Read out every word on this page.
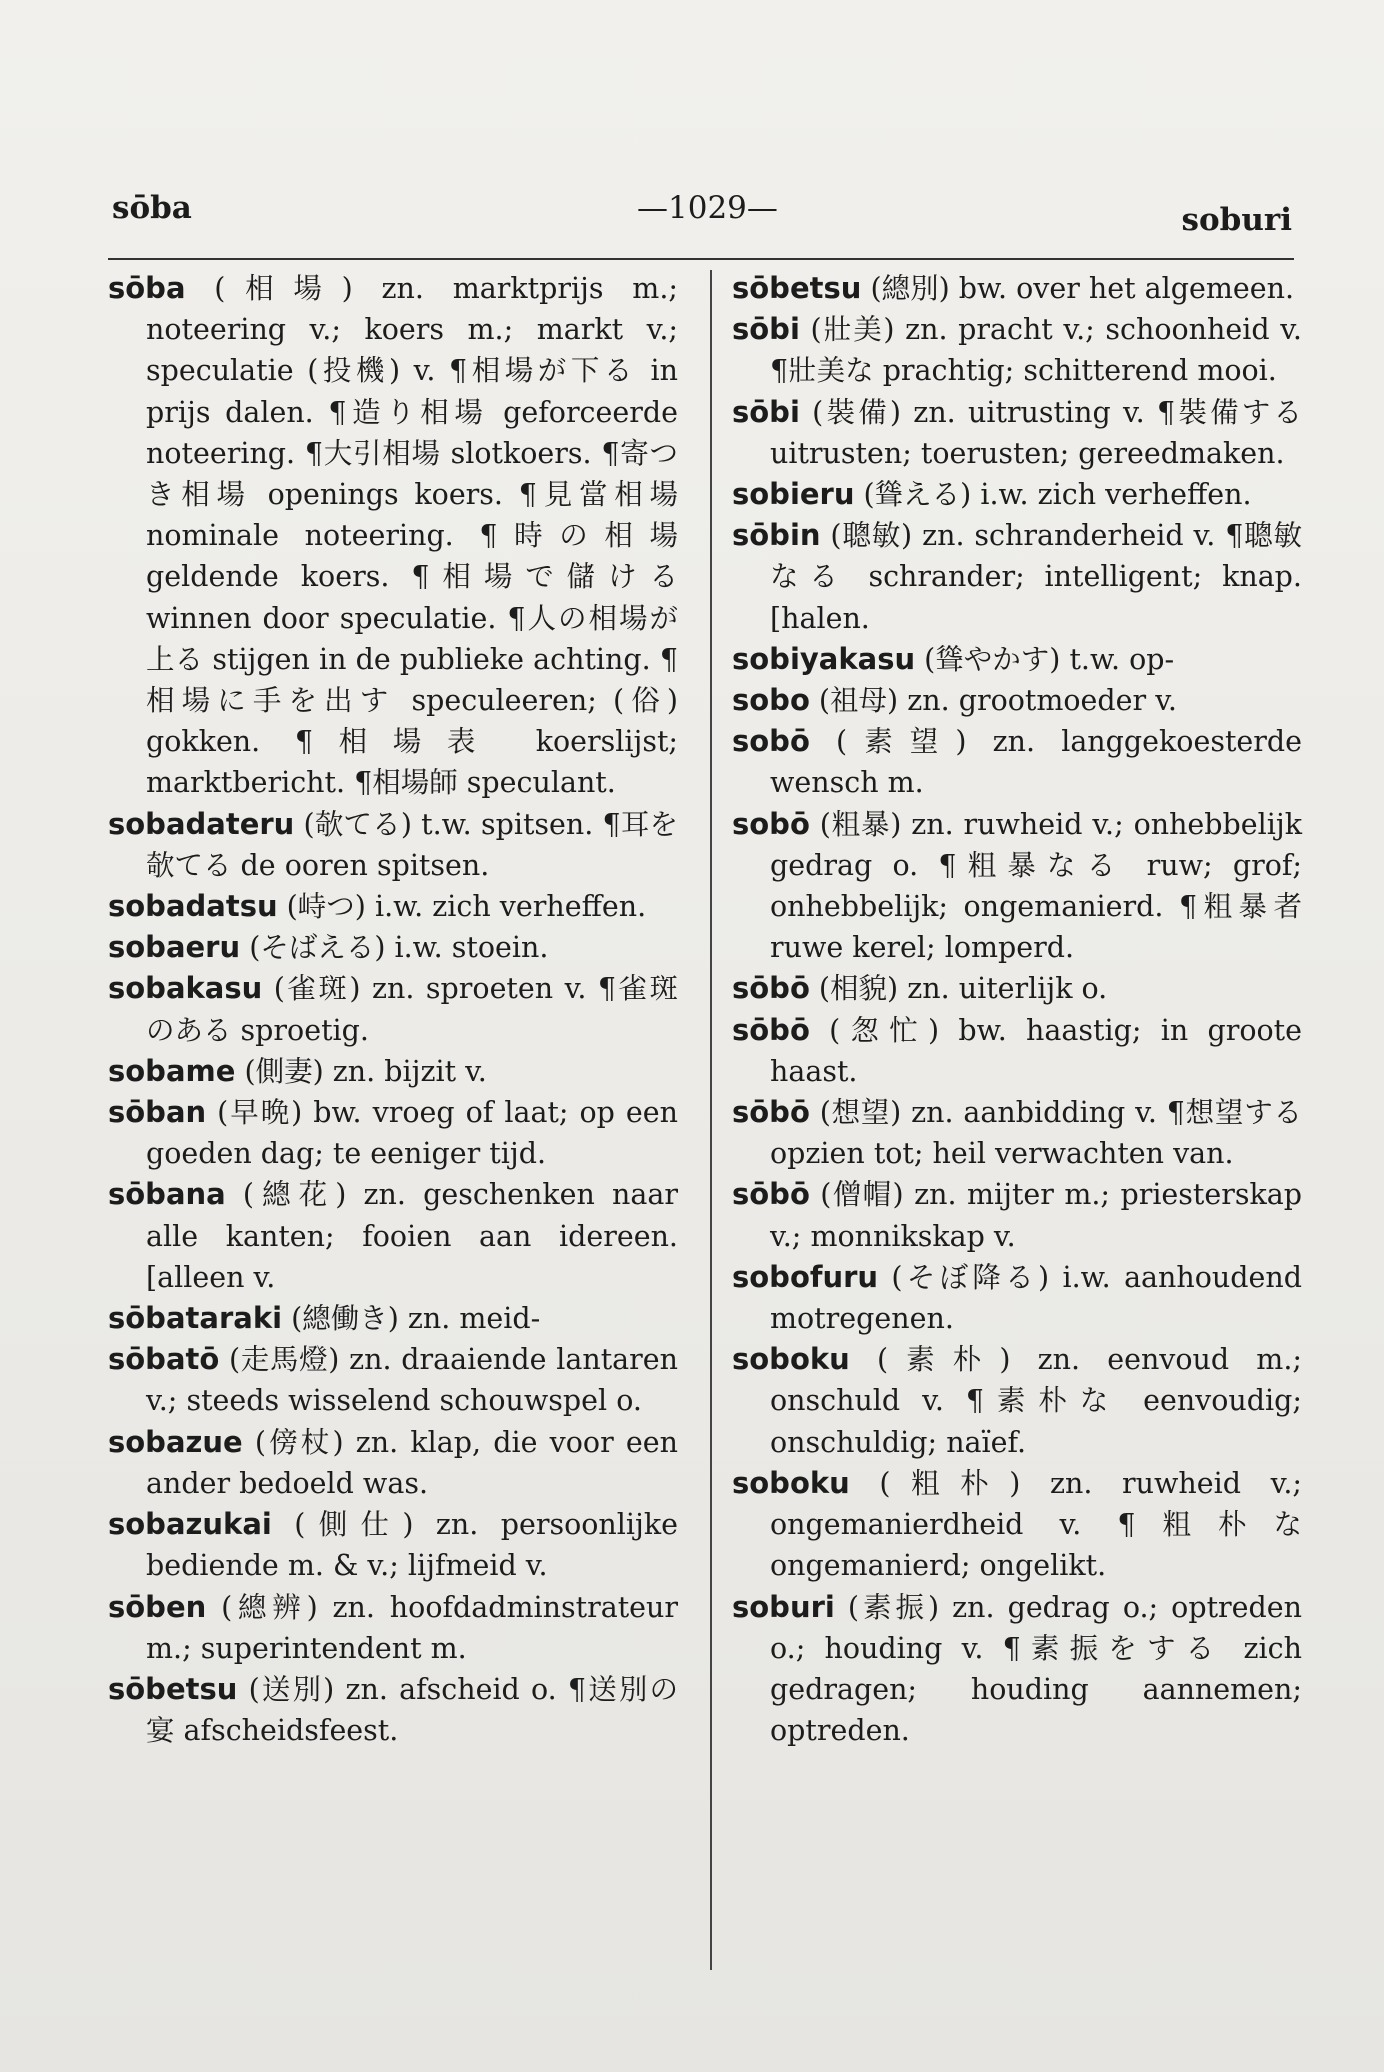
sōba	—1029—	soburi
sōba (相場) zn. marktprijs m.; noteering v.; koers m.; markt v.; speculatie (投機) v. ¶相場が下る in prijs dalen. ¶造り相場 geforceerde noteering. ¶大引相場 slotkoers. ¶寄つき相場 openings koers. ¶見當相場 nominale noteering. ¶時の相場 geldende koers. ¶相場で儲ける winnen door speculatie. ¶人の相場が上る stijgen in de publieke achting. ¶相場に手を出す speculeeren; (俗) gokken. ¶相場表 koerslijst; marktbericht. ¶相場師 speculant.
sobadateru (欹てる) t.w. spitsen. ¶耳を欹てる de ooren spitsen.
sobadatsu (峙つ) i.w. zich verheffen.
sobaeru (そばえる) i.w. stoein.
sobakasu (雀斑) zn. sproeten v. ¶雀斑のある sproetig.
sobame (側妻) zn. bijzit v.
sōban (早晩) bw. vroeg of laat; op een goeden dag; te eeniger tijd.
sōbana (總花) zn. geschenken naar alle kanten; fooien aan idereen. [alleen v.
sōbataraki (總働き) zn. meid-
sōbatō (走馬燈) zn. draaiende lantaren v.; steeds wisselend schouwspel o.
sobazue (傍杖) zn. klap, die voor een ander bedoeld was.
sobazukai (側仕) zn. persoonlijke bediende m. & v.; lijfmeid v.
sōben (總辨) zn. hoofdadminstrateur m.; superintendent m.
sōbetsu (送別) zn. afscheid o. ¶送別の宴 afscheidsfeest.
sōbetsu (總別) bw. over het algemeen.
sōbi (壯美) zn. pracht v.; schoonheid v. ¶壯美な prachtig; schitterend mooi.
sōbi (裝備) zn. uitrusting v. ¶裝備する uitrusten; toerusten; gereedmaken.
sobieru (聳える) i.w. zich verheffen.
sōbin (聰敏) zn. schranderheid v. ¶聰敏なる schrander; intelligent; knap. [halen.
sobiyakasu (聳やかす) t.w. op-
sobo (祖母) zn. grootmoeder v.
sobō (素望) zn. langgekoesterde wensch m.
sobō (粗暴) zn. ruwheid v.; onhebbelijk gedrag o. ¶粗暴なる ruw; grof; onhebbelijk; ongemanierd. ¶粗暴者 ruwe kerel; lomperd.
sōbō (相貌) zn. uiterlijk o.
sōbō (怱忙) bw. haastig; in groote haast.
sōbō (想望) zn. aanbidding v. ¶想望する opzien tot; heil verwachten van.
sōbō (僧帽) zn. mijter m.; priesterskap v.; monnikskap v.
sobofuru (そぼ降る) i.w. aanhoudend motregenen.
soboku (素朴) zn. eenvoud m.; onschuld v. ¶素朴な eenvoudig; onschuldig; naïef.
soboku (粗朴) zn. ruwheid v.; ongemanierdheid v. ¶粗朴な ongemanierd; ongelikt.
soburi (素振) zn. gedrag o.; optreden o.; houding v. ¶素振をする zich gedragen; houding aannemen; optreden.
